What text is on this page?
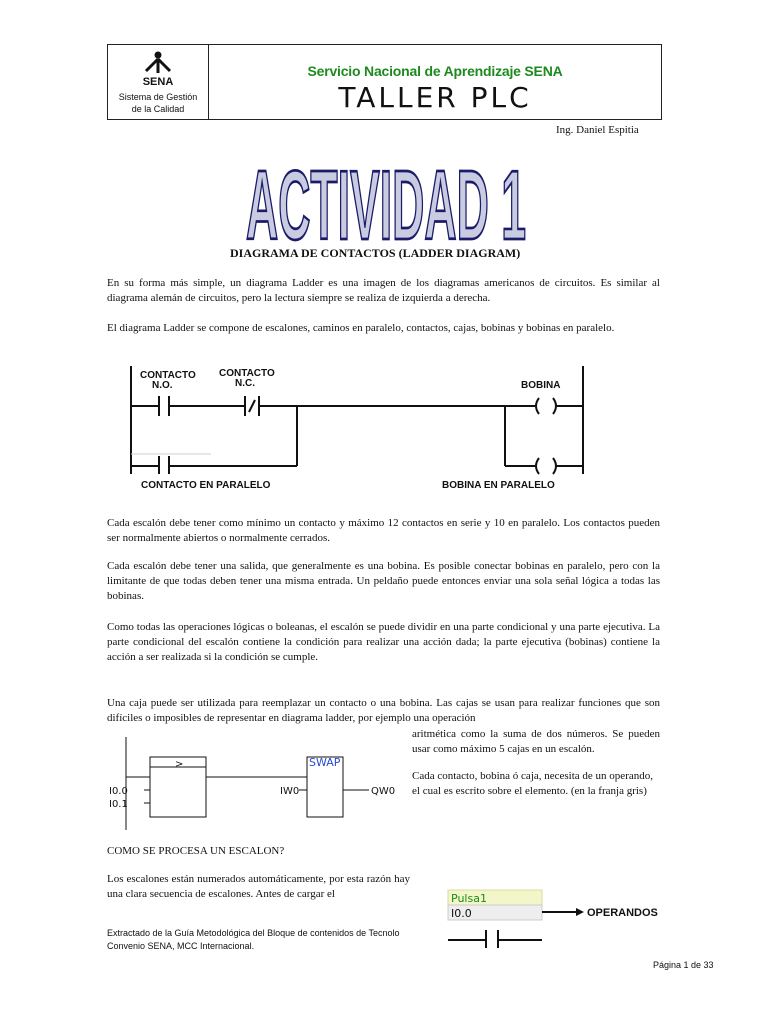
SENA
Sistema de Gestión
de la Calidad
Servicio Nacional de Aprendizaje SENA
TALLER PLC
Ing. Daniel Espitia
ACTIVIDAD 1
DIAGRAMA DE CONTACTOS (LADDER DIAGRAM)
En su forma más simple, un diagrama Ladder es una imagen de los diagramas americanos de circuitos. Es similar al diagrama alemán de circuitos, pero la lectura siempre se realiza de izquierda a derecha.
El diagrama Ladder se compone de escalones, caminos en paralelo, contactos, cajas, bobinas y bobinas en paralelo.
CONTACTO
N.O.
CONTACTO
N.C.	BOBINA
CONTACTO EN PARALELO	BOBINA EN PARALELO
Cada escalón debe tener como mínimo un contacto y máximo 12 contactos en serie y 10 en paralelo. Los contactos pueden ser normalmente abiertos o normalmente cerrados.
Cada escalón debe tener una salida, que generalmente es una bobina. Es posible conectar bobinas en paralelo, pero con la limitante de que todas deben tener una misma entrada. Un peldaño puede entonces enviar una sola señal lógica a todas las bobinas.
Como todas las operaciones lógicas o boleanas, el escalón se puede dividir en una parte condicional y una parte ejecutiva. La parte condicional del escalón contiene la condición para realizar una acción dada; la parte ejecutiva (bobinas) contiene la acción a ser realizada si la condición se cumple.
Una caja puede ser utilizada para reemplazar un contacto o una bobina. Las cajas se usan para realizar funciones que son difíciles o imposibles de representar en diagrama ladder, por ejemplo una operación
aritmética como la suma de dos números. Se pueden usar como máximo 5 cajas en un escalón.
Cada contacto, bobina ó caja, necesita de un operando, el cual es escrito sobre el elemento. (en la franja gris)
>
I0.0
I0.1
IW0	QW0
SWAP
COMO SE PROCESA UN ESCALON?
Los escalones están numerados automáticamente, por esta razón hay una clara secuencia de escalones. Antes de cargar el	Pulsa1
I0.0	OPERANDOS
Extractado de la Guía Metodológica del Bloque de contenidos de Tecnolo Convenio SENA, MCC Internacional.
Página 1 de 33
